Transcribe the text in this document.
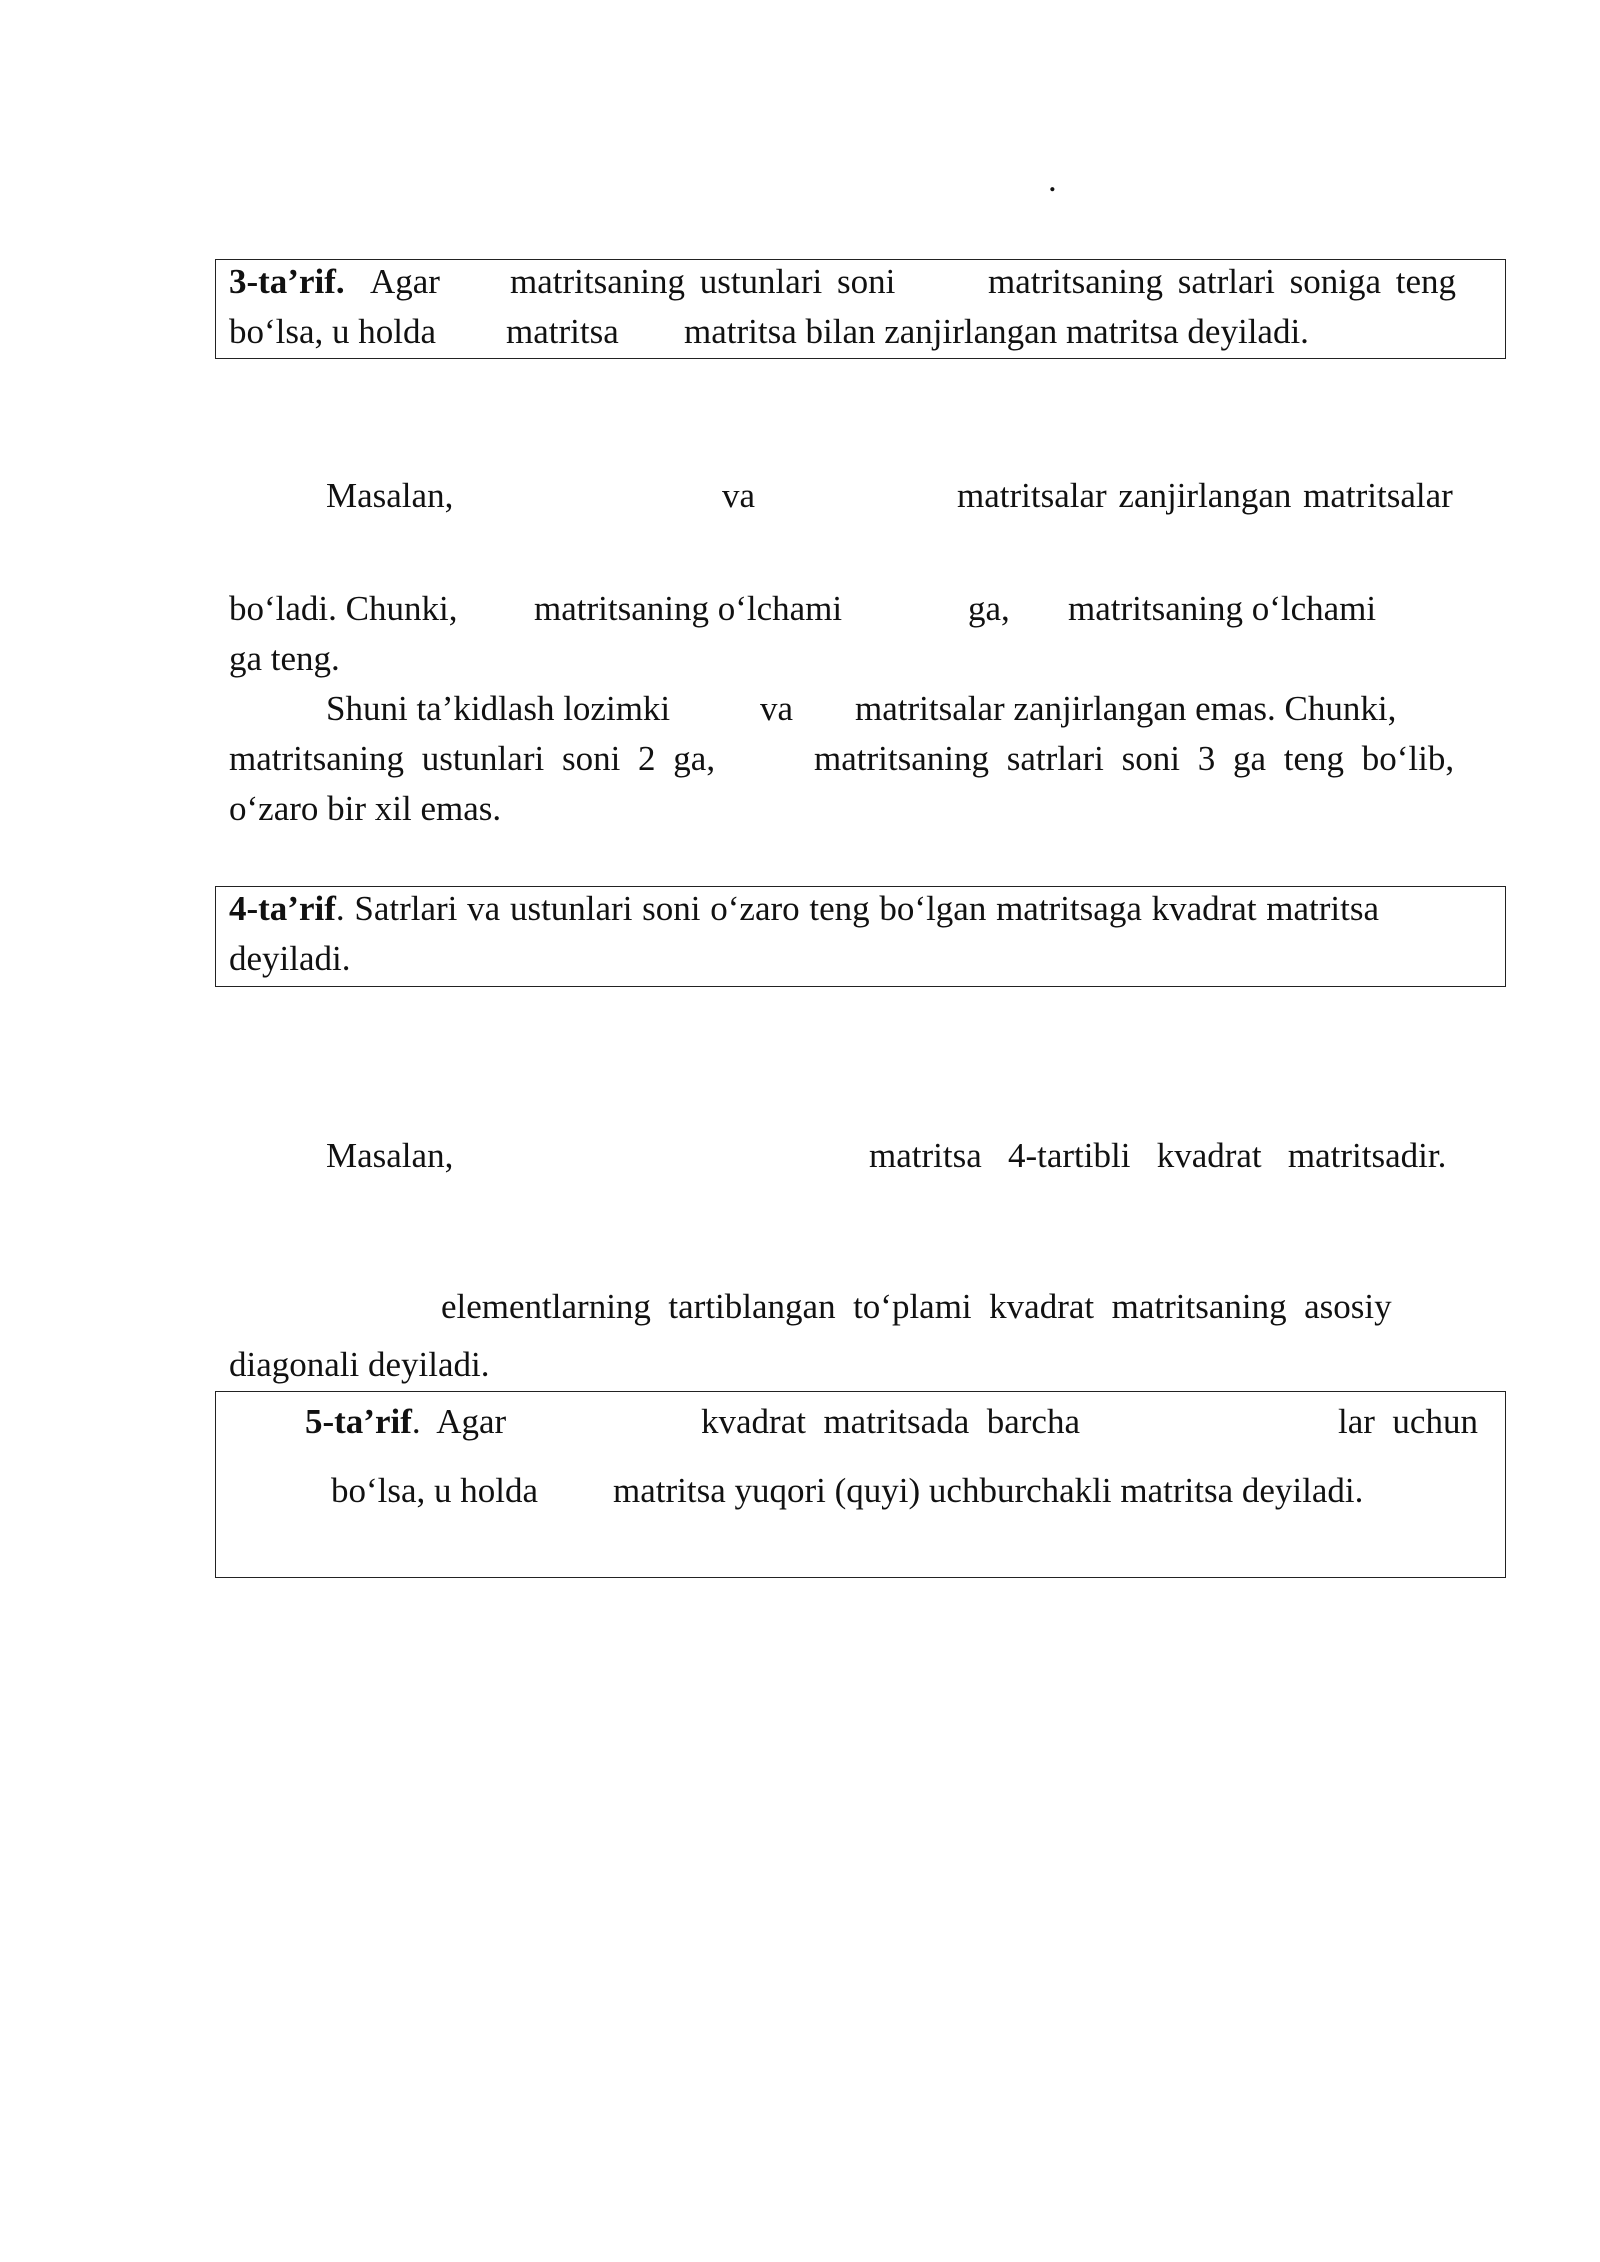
.
3-ta’rif. Agar matritsaning ustunlari soni	matritsaning satrlari soniga teng
bo‘lsa, u holda matritsa matritsa bilan zanjirlangan matritsa deyiladi.
Masalan,	va	matritsalar zanjirlangan matritsalar
bo‘ladi. Chunki, matritsaning o‘lchami	ga, matritsaning o‘lchami
ga teng.
Shuni ta’kidlash lozimki	va matritsalar zanjirlangan emas. Chunki,
matritsaning ustunlari soni 2 ga,	matritsaning satrlari soni 3 ga teng bo‘lib,
o‘zaro bir xil emas.
4-ta’rif. Satrlari va ustunlari soni o‘zaro teng bo‘lgan matritsaga kvadrat matritsa
deyiladi.
Masalan,	matritsa   4-tartibli   kvadrat   matritsadir.
elementlarning  tartiblangan  to‘plami  kvadrat  matritsaning  asosiy
diagonali deyiladi.
5-ta’rif.  Agar	kvadrat  matritsada  barcha	lar  uchun
bo‘lsa, u holda matritsa yuqori (quyi) uchburchakli matritsa deyiladi.
